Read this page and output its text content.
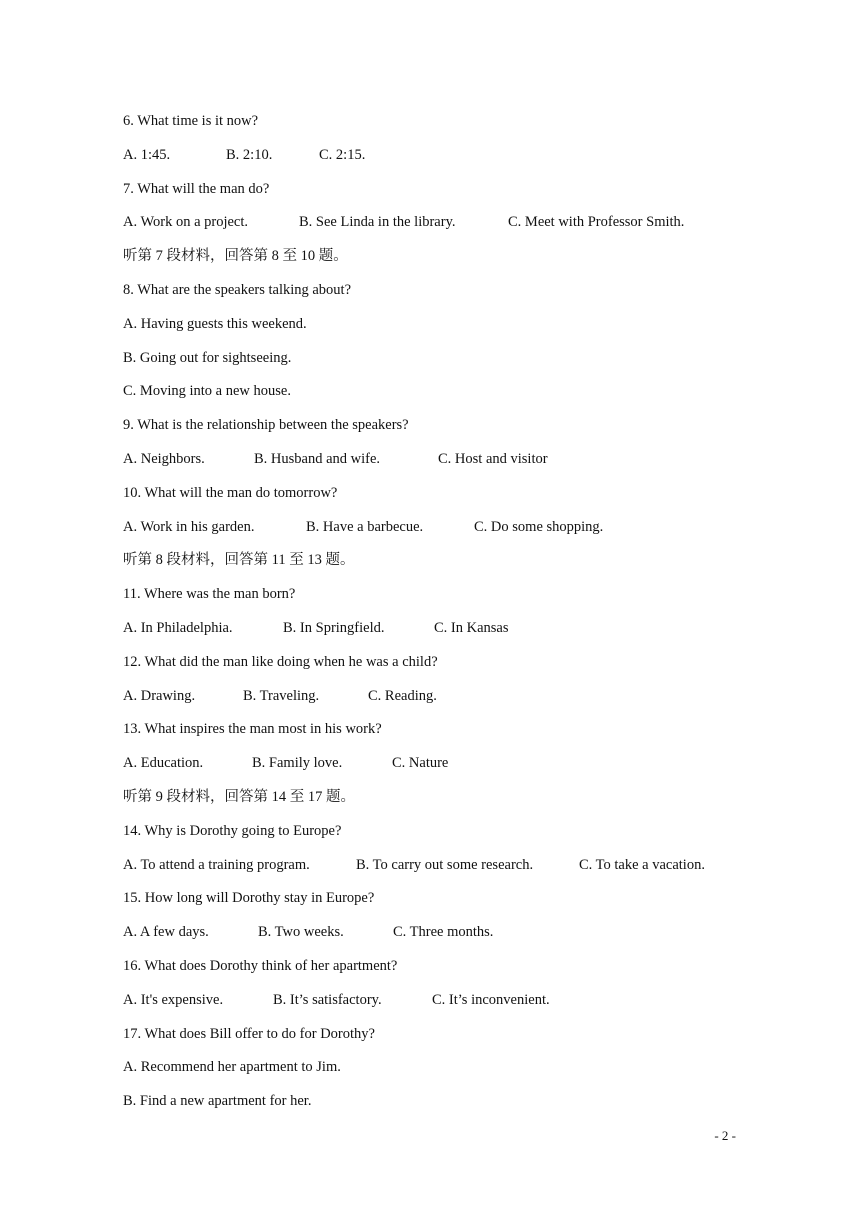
6. What time is it now?
A. 1:45.	B. 2:10.	C. 2:15.
7. What will the man do?
A. Work on a project.	B. See Linda in the library.	C. Meet with Professor Smith.
听第 7 段材料，回答第 8 至 10 题。
8. What are the speakers talking about?
A. Having guests this weekend.
B. Going out for sightseeing.
C. Moving into a new house.
9. What is the relationship between the speakers?
A. Neighbors.	B. Husband and wife.	C. Host and visitor
10. What will the man do tomorrow?
A. Work in his garden.	B. Have a barbecue.	C. Do some shopping.
听第 8 段材料，回答第 11 至 13 题。
11. Where was the man born?
A. In Philadelphia.	B. In Springfield.	C. In Kansas
12. What did the man like doing when he was a child?
A. Drawing.	B. Traveling.	C. Reading.
13. What inspires the man most in his work?
A. Education.	B. Family love.	C. Nature
听第 9 段材料，回答第 14 至 17 题。
14. Why is Dorothy going to Europe?
A. To attend a training program.	B. To carry out some research.	C. To take a vacation.
15. How long will Dorothy stay in Europe?
A. A few days.	B. Two weeks.	C. Three months.
16. What does Dorothy think of her apartment?
A. It's expensive.	B. It’s satisfactory.	C. It’s inconvenient.
17. What does Bill offer to do for Dorothy?
A. Recommend her apartment to Jim.
B. Find a new apartment for her.
- 2 -
